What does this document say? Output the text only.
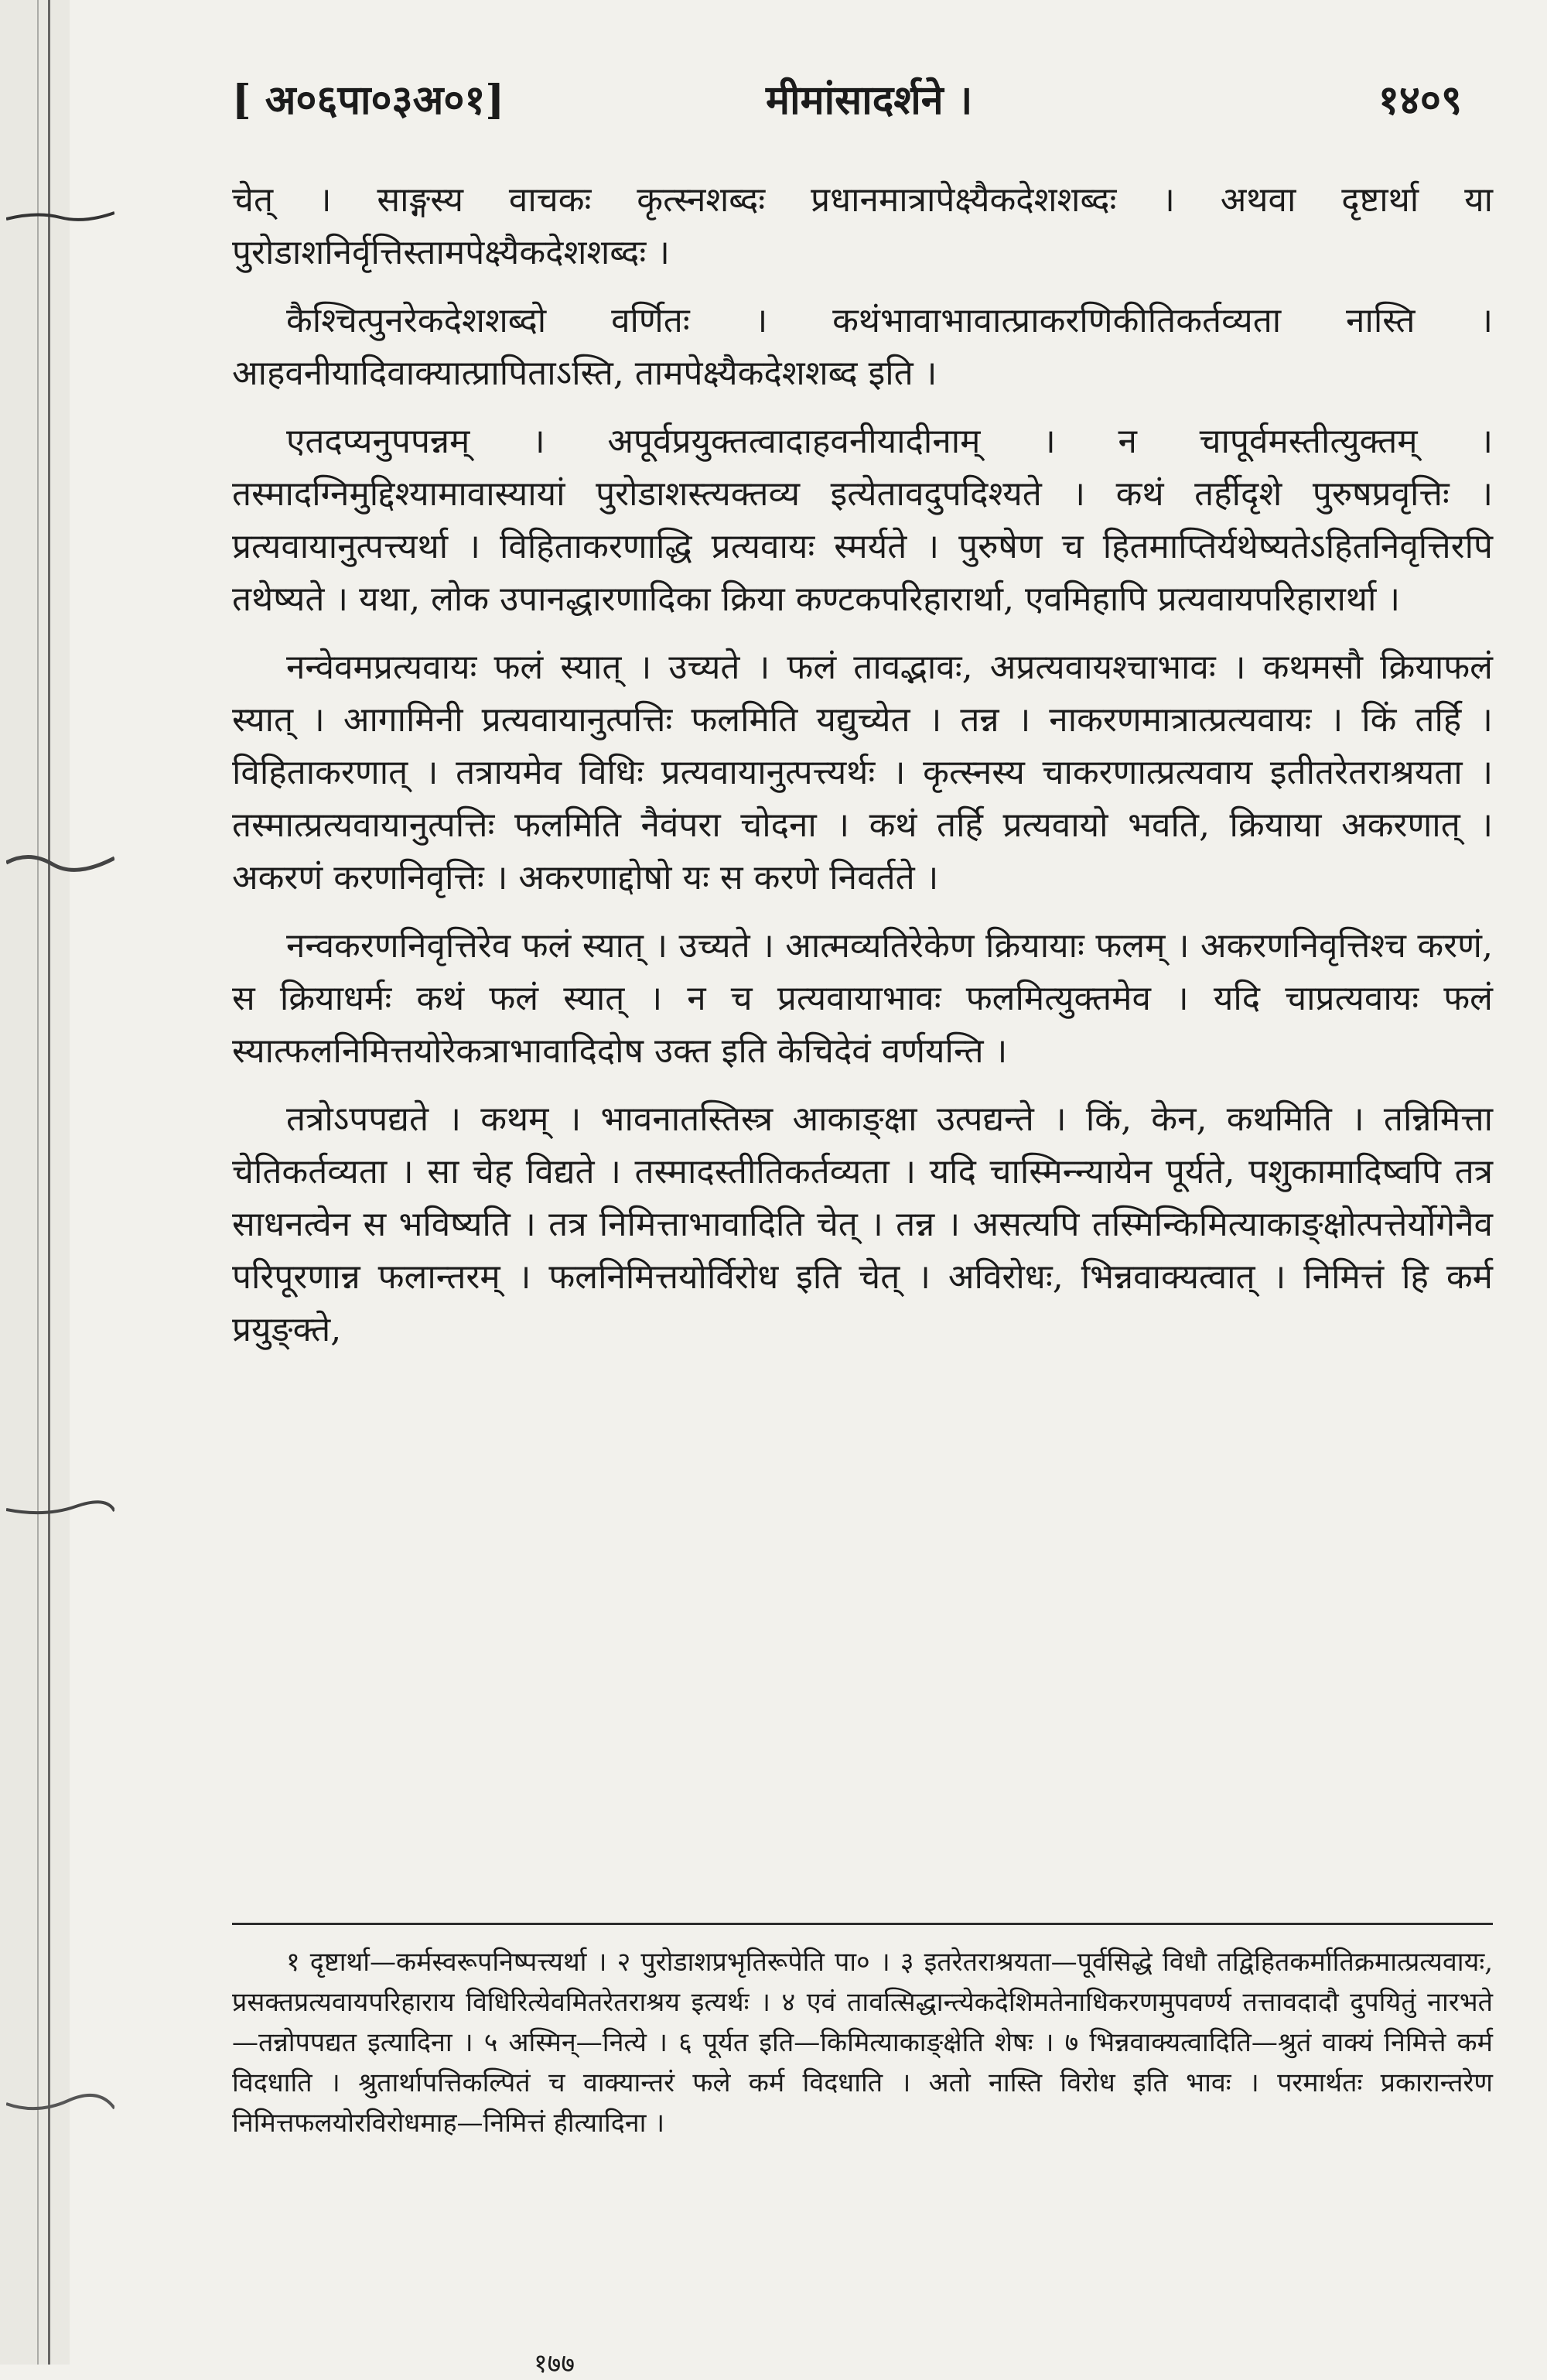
[ अ०६पा०३अ०१]	मीमांसादर्शने ।	१४०९

चेत् । साङ्गस्य वाचकः कृत्स्नशब्दः प्रधानमात्रापेक्ष्यैकदेशशब्दः । अथवा दृष्टार्था या पुरोडाशनिर्वृत्तिस्तामपेक्ष्यैकदेशशब्दः ।

कैश्चित्पुनरेकदेशशब्दो वर्णितः । कथंभावाभावात्प्राकरणिकीतिकर्तव्यता नास्ति । आहवनीयादिवाक्यात्प्रापिताऽस्ति, तामपेक्ष्यैकदेशशब्द इति ।

एतदप्यनुपपन्नम् । अपूर्वप्रयुक्तत्वादाहवनीयादीनाम् । न चापूर्वमस्तीत्युक्तम् । तस्मादग्निमुद्दिश्यामावास्यायां पुरोडाशस्त्यक्तव्य इत्येतावदुपदिश्यते । कथं तर्हीदृशे पुरुषप्रवृत्तिः । प्रत्यवायानुत्पत्त्यर्था । विहिताकरणाद्धि प्रत्यवायः स्मर्यते । पुरुषेण च हितमाप्तिर्यथेष्यतेऽहितनिवृत्तिरपि तथेष्यते । यथा, लोक उपानद्धारणादिका क्रिया कण्टकपरिहारार्था, एवमिहापि प्रत्यवायपरिहारार्था ।

नन्वेवमप्रत्यवायः फलं स्यात् । उच्यते । फलं तावद्भावः, अप्रत्यवायश्चाभावः । कथमसौ क्रियाफलं स्यात् । आगामिनी प्रत्यवायानुत्पत्तिः फलमिति यद्युच्येत । तन्न । नाकरणमात्रात्प्रत्यवायः । किं तर्हि । विहिताकरणात् । तत्रायमेव विधिः प्रत्यवायानुत्पत्त्यर्थः । कृत्स्नस्य चाकरणात्प्रत्यवाय इतीतरेतराश्रयता । तस्मात्प्रत्यवायानुत्पत्तिः फलमिति नैवंपरा चोदना । कथं तर्हि प्रत्यवायो भवति, क्रियाया अकरणात् । अकरणं करणनिवृत्तिः । अकरणाद्दोषो यः स करणे निवर्तते ।

नन्वकरणनिवृत्तिरेव फलं स्यात् । उच्यते । आत्मव्यतिरेकेण क्रियायाः फलम् । अकरणनिवृत्तिश्च करणं, स क्रियाधर्मः कथं फलं स्यात् । न च प्रत्यवायाभावः फलमित्युक्तमेव । यदि चाप्रत्यवायः फलं स्यात्फलनिमित्तयोरेकत्राभावादिदोष उक्त इति केचिदेवं वर्णयन्ति ।

तत्रोऽपपद्यते । कथम् । भावनातस्तिस्त्र आकाङ्क्षा उत्पद्यन्ते । किं, केन, कथमिति । तन्निमित्ता चेतिकर्तव्यता । सा चेह विद्यते । तस्मादस्तीतिकर्तव्यता । यदि चास्मिन्न्यायेन पूर्यते, पशुकामादिष्वपि तत्र साधनत्वेन स भविष्यति । तत्र निमित्ताभावादिति चेत् । तन्न । असत्यपि तस्मिन्किमित्याकाङ्क्षोत्पत्तेर्योगेनैव परिपूरणान्न फलान्तरम् । फलनिमित्तयोर्विरोध इति चेत् । अविरोधः, भिन्नवाक्यत्वात् । निमित्तं हि कर्म प्रयुङ्क्ते,

१ दृष्टार्था—कर्मस्वरूपनिष्पत्त्यर्था । २ पुरोडाशप्रभृतिरूपेति पा० । ३ इतरेतराश्रयता—पूर्वसिद्धे विधौ तद्विहितकर्मातिक्रमात्प्रत्यवायः, प्रसक्तप्रत्यवायपरिहाराय विधिरित्येवमितरेतराश्रय इत्यर्थः । ४ एवं तावत्सिद्धान्त्येकदेशिमतेनाधिकरणमुपवर्ण्य तत्तावदादौ दुपयितुं नारभते—तन्नोपपद्यत इत्यादिना । ५ अस्मिन्—नित्ये । ६ पूर्यत इति—किमित्याकाङ्क्षेति शेषः । ७ भिन्नवाक्यत्वादिति—श्रुतं वाक्यं निमित्ते कर्म विदधाति । श्रुतार्थापत्तिकल्पितं च वाक्यान्तरं फले कर्म विदधाति । अतो नास्ति विरोध इति भावः । परमार्थतः प्रकारान्तरेण निमित्तफलयोरविरोधमाह—निमित्तं हीत्यादिना ।

१७७
